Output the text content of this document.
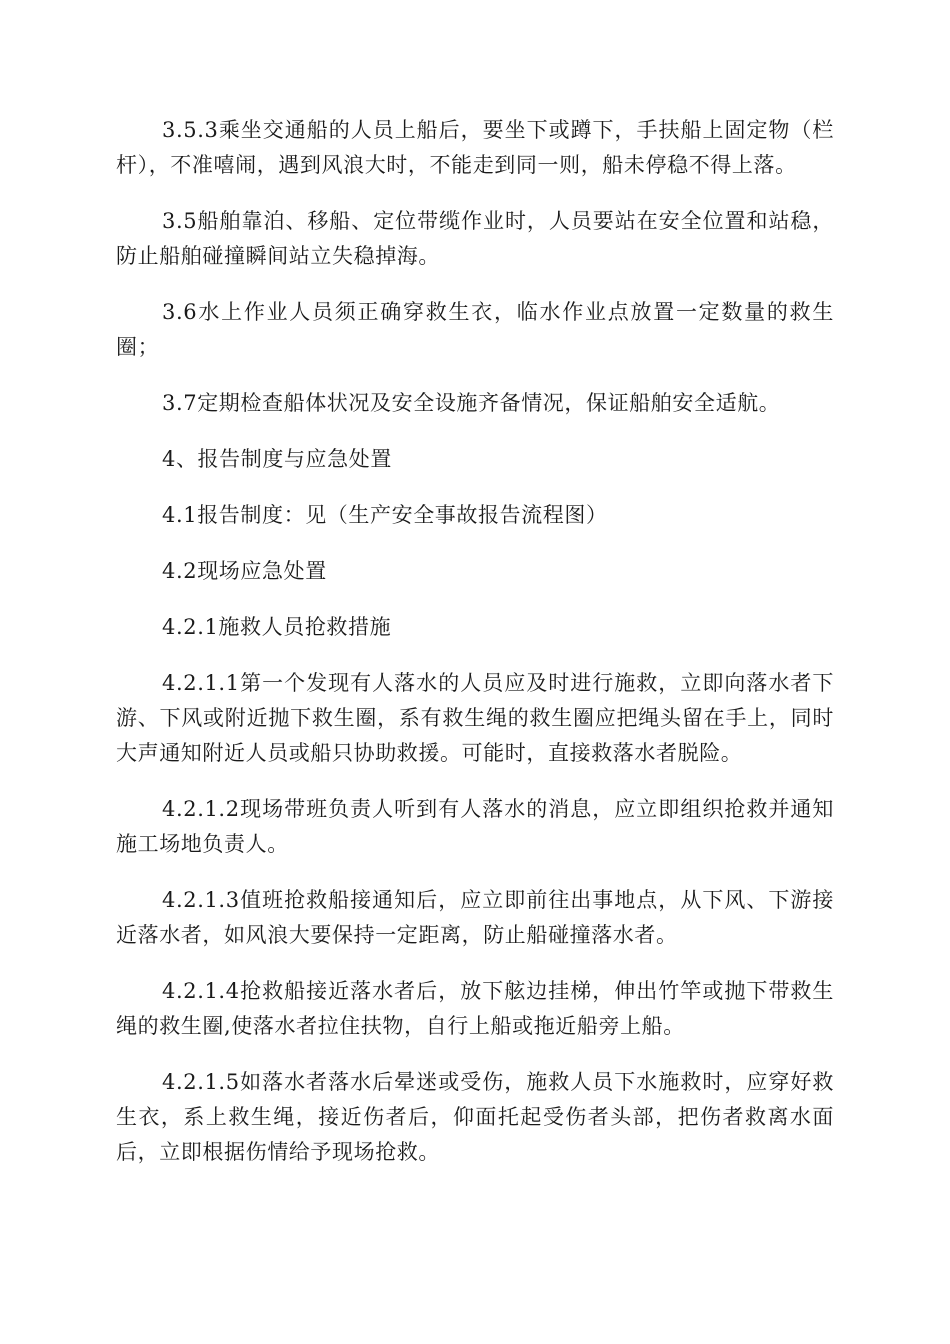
3.5.3乘坐交通船的人员上船后，要坐下或蹲下，手扶船上固定物（栏杆），不准嘻闹，遇到风浪大时，不能走到同一则，船未停稳不得上落。

3.5船舶靠泊、移船、定位带缆作业时，人员要站在安全位置和站稳，防止船舶碰撞瞬间站立失稳掉海。

3.6水上作业人员须正确穿救生衣，临水作业点放置一定数量的救生圈；

3.7定期检查船体状况及安全设施齐备情况，保证船舶安全适航。

4、报告制度与应急处置

4.1报告制度：见（生产安全事故报告流程图）

4.2现场应急处置

4.2.1施救人员抢救措施

4.2.1.1第一个发现有人落水的人员应及时进行施救，立即向落水者下游、下风或附近抛下救生圈，系有救生绳的救生圈应把绳头留在手上，同时大声通知附近人员或船只协助救援。可能时，直接救落水者脱险。

4.2.1.2现场带班负责人听到有人落水的消息，应立即组织抢救并通知施工场地负责人。

4.2.1.3值班抢救船接通知后，应立即前往出事地点，从下风、下游接近落水者，如风浪大要保持一定距离，防止船碰撞落水者。

4.2.1.4抢救船接近落水者后，放下舷边挂梯，伸出竹竿或抛下带救生绳的救生圈,使落水者拉住扶物，自行上船或拖近船旁上船。

4.2.1.5如落水者落水后晕迷或受伤，施救人员下水施救时，应穿好救生衣，系上救生绳，接近伤者后，仰面托起受伤者头部，把伤者救离水面后，立即根据伤情给予现场抢救。
